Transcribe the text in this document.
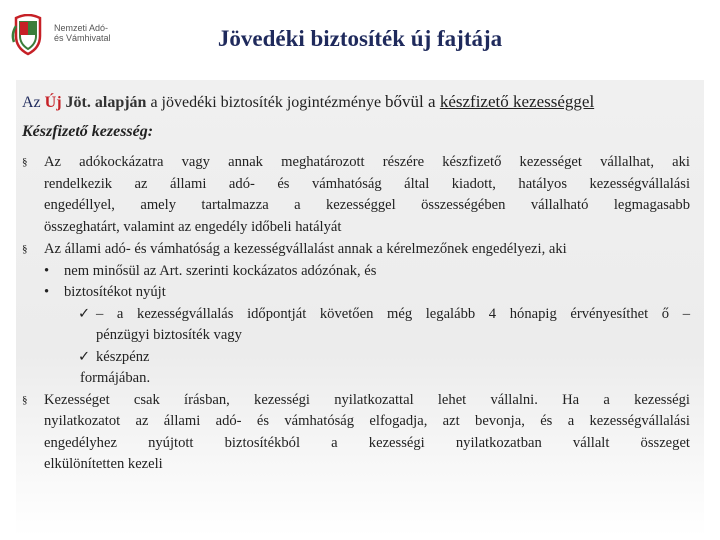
Nemzeti Adó-
és Vámhivatal	Jövedéki biztosíték új fajtája
Az Új Jöt. alapján a jövedéki biztosíték jogintézménye bővül a készfizető kezességgel
Készfizető kezesség:
§ Az adókockázatra vagy annak meghatározott részére készfizető kezességet vállalhat, aki
rendelkezik az állami adó- és vámhatóság által kiadott, hatályos kezességvállalási
engedéllyel, amely tartalmazza a kezességgel összességében vállalható legmagasabb
összeghatárt, valamint az engedély időbeli hatályát
§ Az állami adó- és vámhatóság a kezességvállalást annak a kérelmezőnek engedélyezi, aki
• nem minősül az Art. szerinti kockázatos adózónak, és
• biztosítékot nyújt
✓ – a kezességvállalás időpontját követően még legalább 4 hónapig érvényesíthet ő –
pénzügyi biztosíték vagy
✓ készpénz
formájában.
§ Kezességet csak írásban, kezességi nyilatkozattal lehet vállalni. Ha a kezességi
nyilatkozatot az állami adó- és vámhatóság elfogadja, azt bevonja, és a kezességvállalási
engedélyhez nyújtott biztosítékból a kezességi nyilatkozatban vállalt összeget
elkülönítetten kezeli
